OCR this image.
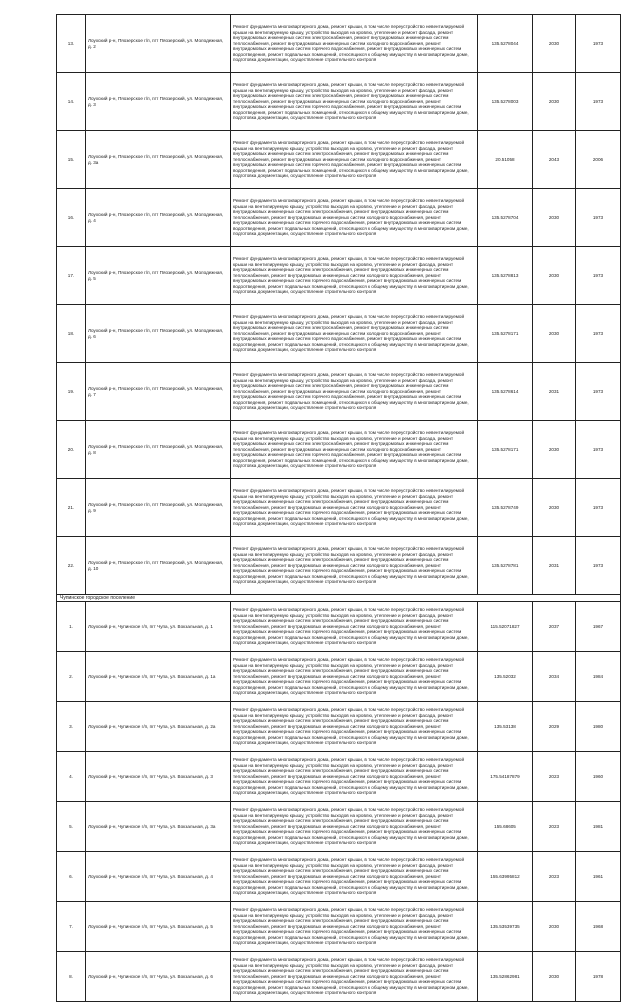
13.	Лоухский р-н, Пяозерское г/п, пгт Пяозерский, ул. Молодежная, д. 2	Ремонт фундамента многоквартирного дома, ремонт крыши, в том числе переустройство невентилируемой крыши на вентилируемую крышу, устройство выходов на кровлю, утепление и ремонт фасада, ремонт внутридомовых инженерных систем электроснабжения, ремонт внутридомовых инженерных систем теплоснабжения, ремонт внутридомовых инженерных систем холодного водоснабжения, ремонт внутридомовых инженерных систем горячего водоснабжения, ремонт внутридомовых инженерных систем водоотведения, ремонт подвальных помещений, относящихся к общему имуществу в многоквартирном доме, подготовка документации, осуществление строительного контроля	135.5278044	2030	1973
14.	Лоухский р-н, Пяозерское г/п, пгт Пяозерский, ул. Молодежная, д. 3	Ремонт фундамента многоквартирного дома, ремонт крыши, в том числе переустройство невентилируемой крыши на вентилируемую крышу, устройство выходов на кровлю, утепление и ремонт фасада, ремонт внутридомовых инженерных систем электроснабжения, ремонт внутридомовых инженерных систем теплоснабжения, ремонт внутридомовых инженерных систем холодного водоснабжения, ремонт внутридомовых инженерных систем горячего водоснабжения, ремонт внутридомовых инженерных систем водоотведения, ремонт подвальных помещений, относящихся к общему имуществу в многоквартирном доме, подготовка документации, осуществление строительного контроля	135.5278003	2030	1973
15.	Лоухский р-н, Пяозерское г/п, пгт Пяозерский, ул. Молодежная, д. 3а	Ремонт фундамента многоквартирного дома, ремонт крыши, в том числе переустройство невентилируемой крыши на вентилируемую крышу, устройство выходов на кровлю, утепление и ремонт фасада, ремонт внутридомовых инженерных систем электроснабжения, ремонт внутридомовых инженерных систем теплоснабжения, ремонт внутридомовых инженерных систем холодного водоснабжения, ремонт внутридомовых инженерных систем горячего водоснабжения, ремонт внутридомовых инженерных систем водоотведения, ремонт подвальных помещений, относящихся к общему имуществу в многоквартирном доме, подготовка документации, осуществление строительного контроля	20.51058	2043	2006
16.	Лоухский р-н, Пяозерское г/п, пгт Пяозерский, ул. Молодежная, д. 4	Ремонт фундамента многоквартирного дома, ремонт крыши, в том числе переустройство невентилируемой крыши на вентилируемую крышу, устройство выходов на кровлю, утепление и ремонт фасада, ремонт внутридомовых инженерных систем электроснабжения, ремонт внутридомовых инженерных систем теплоснабжения, ремонт внутридомовых инженерных систем холодного водоснабжения, ремонт внутридомовых инженерных систем горячего водоснабжения, ремонт внутридомовых инженерных систем водоотведения, ремонт подвальных помещений, относящихся к общему имуществу в многоквартирном доме, подготовка документации, осуществление строительного контроля	135.5278704	2030	1973
17.	Лоухский р-н, Пяозерское г/п, пгт Пяозерский, ул. Молодежная, д. 5	Ремонт фундамента многоквартирного дома, ремонт крыши, в том числе переустройство невентилируемой крыши на вентилируемую крышу, устройство выходов на кровлю, утепление и ремонт фасада, ремонт внутридомовых инженерных систем электроснабжения, ремонт внутридомовых инженерных систем теплоснабжения, ремонт внутридомовых инженерных систем холодного водоснабжения, ремонт внутридомовых инженерных систем горячего водоснабжения, ремонт внутридомовых инженерных систем водоотведения, ремонт подвальных помещений, относящихся к общему имуществу в многоквартирном доме, подготовка документации, осуществление строительного контроля	135.5278813	2030	1973
18.	Лоухский р-н, Пяозерское г/п, пгт Пяозерский, ул. Молодежная, д. 6	Ремонт фундамента многоквартирного дома, ремонт крыши, в том числе переустройство невентилируемой крыши на вентилируемую крышу, устройство выходов на кровлю, утепление и ремонт фасада, ремонт внутридомовых инженерных систем электроснабжения, ремонт внутридомовых инженерных систем теплоснабжения, ремонт внутридомовых инженерных систем холодного водоснабжения, ремонт внутридомовых инженерных систем горячего водоснабжения, ремонт внутридомовых инженерных систем водоотведения, ремонт подвальных помещений, относящихся к общему имуществу в многоквартирном доме, подготовка документации, осуществление строительного контроля	135.5278171	2030	1973
19.	Лоухский р-н, Пяозерское г/п, пгт Пяозерский, ул. Молодежная, д. 7	Ремонт фундамента многоквартирного дома, ремонт крыши, в том числе переустройство невентилируемой крыши на вентилируемую крышу, устройство выходов на кровлю, утепление и ремонт фасада, ремонт внутридомовых инженерных систем электроснабжения, ремонт внутридомовых инженерных систем теплоснабжения, ремонт внутридомовых инженерных систем холодного водоснабжения, ремонт внутридомовых инженерных систем горячего водоснабжения, ремонт внутридомовых инженерных систем водоотведения, ремонт подвальных помещений, относящихся к общему имуществу в многоквартирном доме, подготовка документации, осуществление строительного контроля	135.5278614	2031	1973
20.	Лоухский р-н, Пяозерское г/п, пгт Пяозерский, ул. Молодежная, д. 8	Ремонт фундамента многоквартирного дома, ремонт крыши, в том числе переустройство невентилируемой крыши на вентилируемую крышу, устройство выходов на кровлю, утепление и ремонт фасада, ремонт внутридомовых инженерных систем электроснабжения, ремонт внутридомовых инженерных систем теплоснабжения, ремонт внутридомовых инженерных систем холодного водоснабжения, ремонт внутридомовых инженерных систем горячего водоснабжения, ремонт внутридомовых инженерных систем водоотведения, ремонт подвальных помещений, относящихся к общему имуществу в многоквартирном доме, подготовка документации, осуществление строительного контроля	135.5278171	2030	1973
21.	Лоухский р-н, Пяозерское г/п, пгт Пяозерский, ул. Молодежная, д. 9	Ремонт фундамента многоквартирного дома, ремонт крыши, в том числе переустройство невентилируемой крыши на вентилируемую крышу, устройство выходов на кровлю, утепление и ремонт фасада, ремонт внутридомовых инженерных систем электроснабжения, ремонт внутридомовых инженерных систем теплоснабжения, ремонт внутридомовых инженерных систем холодного водоснабжения, ремонт внутридомовых инженерных систем горячего водоснабжения, ремонт внутридомовых инженерных систем водоотведения, ремонт подвальных помещений, относящихся к общему имуществу в многоквартирном доме, подготовка документации, осуществление строительного контроля	135.5278749	2030	1973
22.	Лоухский р-н, Пяозерское г/п, пгт Пяозерский, ул. Молодежная, д. 10	Ремонт фундамента многоквартирного дома, ремонт крыши, в том числе переустройство невентилируемой крыши на вентилируемую крышу, устройство выходов на кровлю, утепление и ремонт фасада, ремонт внутридомовых инженерных систем электроснабжения, ремонт внутридомовых инженерных систем теплоснабжения, ремонт внутридомовых инженерных систем холодного водоснабжения, ремонт внутридомовых инженерных систем горячего водоснабжения, ремонт внутридомовых инженерных систем водоотведения, ремонт подвальных помещений, относящихся к общему имуществу в многоквартирном доме, подготовка документации, осуществление строительного контроля	135.5278781	2031	1973
Чупинское городское поселение					
1.	Лоухский р-н, Чупинское г/п, пгт Чупа, ул. Вокзальная, д. 1	Ремонт фундамента многоквартирного дома, ремонт крыши, в том числе переустройство невентилируемой крыши на вентилируемую крышу, устройство выходов на кровлю, утепление и ремонт фасада, ремонт внутридомовых инженерных систем электроснабжения, ремонт внутридомовых инженерных систем теплоснабжения, ремонт внутридомовых инженерных систем холодного водоснабжения, ремонт внутридомовых инженерных систем горячего водоснабжения, ремонт внутридомовых инженерных систем водоотведения, ремонт подвальных помещений, относящихся к общему имуществу в многоквартирном доме, подготовка документации, осуществление строительного контроля	115.52071827	2037	1967
2.	Лоухский р-н, Чупинское г/п, пгт Чупа, ул. Вокзальная, д. 1а	Ремонт фундамента многоквартирного дома, ремонт крыши, в том числе переустройство невентилируемой крыши на вентилируемую крышу, устройство выходов на кровлю, утепление и ремонт фасада, ремонт внутридомовых инженерных систем электроснабжения, ремонт внутридомовых инженерных систем теплоснабжения, ремонт внутридомовых инженерных систем холодного водоснабжения, ремонт внутридомовых инженерных систем горячего водоснабжения, ремонт внутридомовых инженерных систем водоотведения, ремонт подвальных помещений, относящихся к общему имуществу в многоквартирном доме, подготовка документации, осуществление строительного контроля	135.52032	2034	1984
3.	Лоухский р-н, Чупинское г/п, пгт Чупа, ул. Вокзальная, д. 2а	Ремонт фундамента многоквартирного дома, ремонт крыши, в том числе переустройство невентилируемой крыши на вентилируемую крышу, устройство выходов на кровлю, утепление и ремонт фасада, ремонт внутридомовых инженерных систем электроснабжения, ремонт внутридомовых инженерных систем теплоснабжения, ремонт внутридомовых инженерных систем холодного водоснабжения, ремонт внутридомовых инженерных систем горячего водоснабжения, ремонт внутридомовых инженерных систем водоотведения, ремонт подвальных помещений, относящихся к общему имуществу в многоквартирном доме, подготовка документации, осуществление строительного контроля	135.53138	2029	1980
4.	Лоухский р-н, Чупинское г/п, пгт Чупа, ул. Вокзальная, д. 3	Ремонт фундамента многоквартирного дома, ремонт крыши, в том числе переустройство невентилируемой крыши на вентилируемую крышу, устройство выходов на кровлю, утепление и ремонт фасада, ремонт внутридомовых инженерных систем электроснабжения, ремонт внутридомовых инженерных систем теплоснабжения, ремонт внутридомовых инженерных систем холодного водоснабжения, ремонт внутридомовых инженерных систем горячего водоснабжения, ремонт внутридомовых инженерных систем водоотведения, ремонт подвальных помещений, относящихся к общему имуществу в многоквартирном доме, подготовка документации, осуществление строительного контроля	175.54187879	2023	1960
5.	Лоухский р-н, Чупинское г/п, пгт Чупа, ул. Вокзальная, д. 3а	Ремонт фундамента многоквартирного дома, ремонт крыши, в том числе переустройство невентилируемой крыши на вентилируемую крышу, устройство выходов на кровлю, утепление и ремонт фасада, ремонт внутридомовых инженерных систем электроснабжения, ремонт внутридомовых инженерных систем теплоснабжения, ремонт внутридомовых инженерных систем холодного водоснабжения, ремонт внутридомовых инженерных систем горячего водоснабжения, ремонт внутридомовых инженерных систем водоотведения, ремонт подвальных помещений, относящихся к общему имуществу в многоквартирном доме, подготовка документации, осуществление строительного контроля	155.68605	2023	1981
6.	Лоухский р-н, Чупинское г/п, пгт Чупа, ул. Вокзальная, д. 4	Ремонт фундамента многоквартирного дома, ремонт крыши, в том числе переустройство невентилируемой крыши на вентилируемую крышу, устройство выходов на кровлю, утепление и ремонт фасада, ремонт внутридомовых инженерных систем электроснабжения, ремонт внутридомовых инженерных систем теплоснабжения, ремонт внутридомовых инженерных систем холодного водоснабжения, ремонт внутридомовых инженерных систем горячего водоснабжения, ремонт внутридомовых инженерных систем водоотведения, ремонт подвальных помещений, относящихся к общему имуществу в многоквартирном доме, подготовка документации, осуществление строительного контроля	155.63995812	2023	1961
7.	Лоухский р-н, Чупинское г/п, пгт Чупа, ул. Вокзальная, д. 5	Ремонт фундамента многоквартирного дома, ремонт крыши, в том числе переустройство невентилируемой крыши на вентилируемую крышу, устройство выходов на кровлю, утепление и ремонт фасада, ремонт внутридомовых инженерных систем электроснабжения, ремонт внутридомовых инженерных систем теплоснабжения, ремонт внутридомовых инженерных систем холодного водоснабжения, ремонт внутридомовых инженерных систем горячего водоснабжения, ремонт внутридомовых инженерных систем водоотведения, ремонт подвальных помещений, относящихся к общему имуществу в многоквартирном доме, подготовка документации, осуществление строительного контроля	135.53539735	2030	1968
8.	Лоухский р-н, Чупинское г/п, пгт Чупа, ул. Вокзальная, д. 6	Ремонт фундамента многоквартирного дома, ремонт крыши, в том числе переустройство невентилируемой крыши на вентилируемую крышу, устройство выходов на кровлю, утепление и ремонт фасада, ремонт внутридомовых инженерных систем электроснабжения, ремонт внутридомовых инженерных систем теплоснабжения, ремонт внутридомовых инженерных систем холодного водоснабжения, ремонт внутридомовых инженерных систем горячего водоснабжения, ремонт внутридомовых инженерных систем водоотведения, ремонт подвальных помещений, относящихся к общему имуществу в многоквартирном доме, подготовка документации, осуществление строительного контроля	135.52862981	2030	1978
